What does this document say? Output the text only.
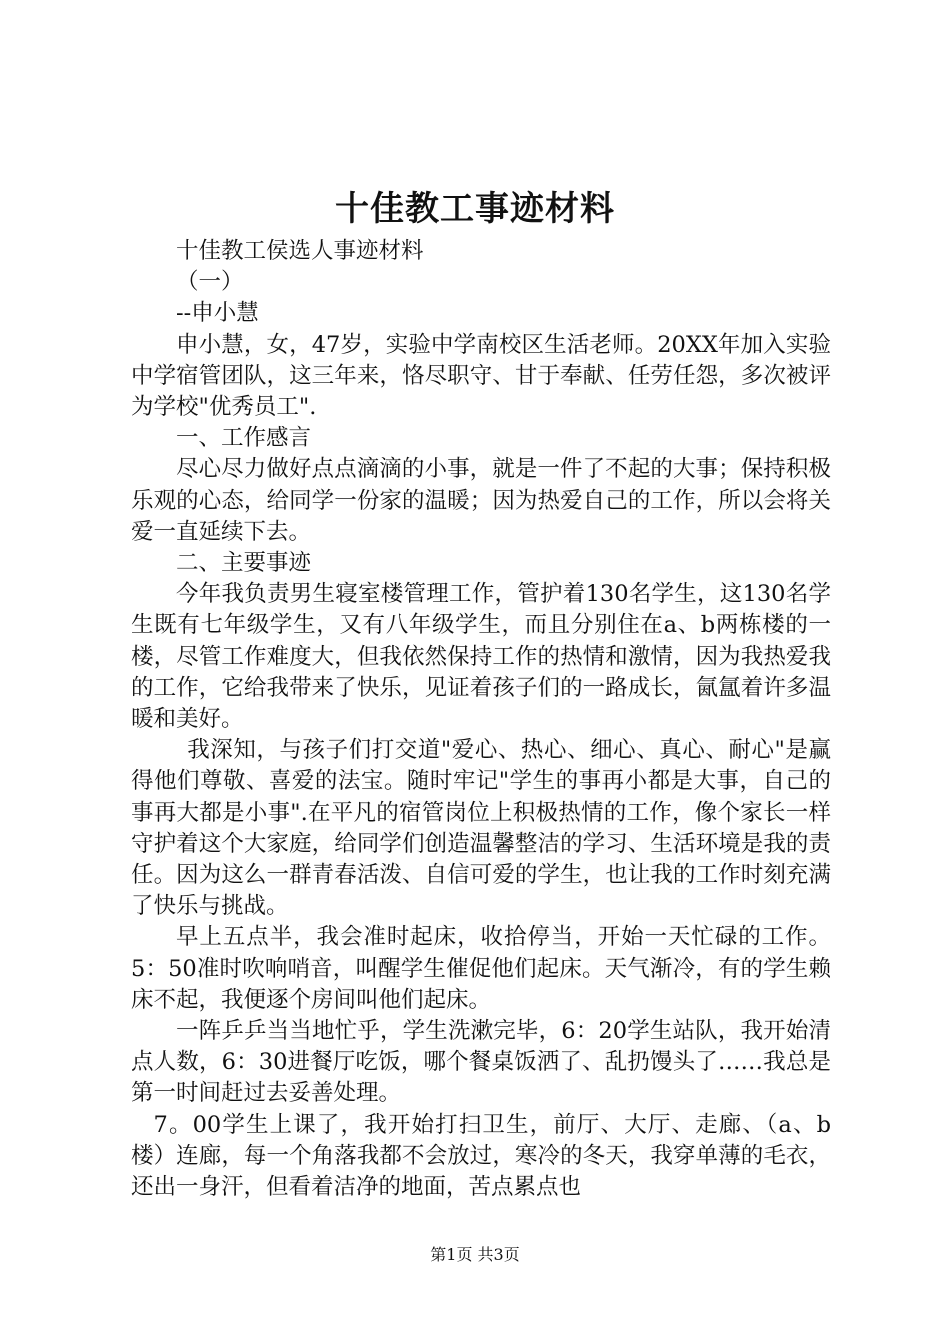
十佳教工事迹材料

十佳教工侯选人事迹材料

（一）

--申小慧

申小慧，女，47岁，实验中学南校区生活老师。20XX年加入实验中学宿管团队，这三年来，恪尽职守、甘于奉献、任劳任怨，多次被评为学校"优秀员工".

一、工作感言

尽心尽力做好点点滴滴的小事，就是一件了不起的大事；保持积极乐观的心态，给同学一份家的温暖；因为热爱自己的工作，所以会将关爱一直延续下去。

二、主要事迹

今年我负责男生寝室楼管理工作，管护着130名学生，这130名学生既有七年级学生，又有八年级学生，而且分别住在a、b两栋楼的一楼，尽管工作难度大，但我依然保持工作的热情和激情，因为我热爱我的工作，它给我带来了快乐，见证着孩子们的一路成长，氤氲着许多温暖和美好。

我深知，与孩子们打交道"爱心、热心、细心、真心、耐心"是赢得他们尊敬、喜爱的法宝。随时牢记"学生的事再小都是大事，自己的事再大都是小事".在平凡的宿管岗位上积极热情的工作，像个家长一样守护着这个大家庭，给同学们创造温馨整洁的学习、生活环境是我的责任。因为这么一群青春活泼、自信可爱的学生，也让我的工作时刻充满了快乐与挑战。

早上五点半，我会准时起床，收拾停当，开始一天忙碌的工作。5：50准时吹响哨音，叫醒学生催促他们起床。天气渐冷，有的学生赖床不起，我便逐个房间叫他们起床。

一阵乒乒当当地忙乎，学生洗漱完毕，6：20学生站队，我开始清点人数，6：30进餐厅吃饭，哪个餐桌饭洒了、乱扔馒头了……我总是第一时间赶过去妥善处理。

7。00学生上课了，我开始打扫卫生，前厅、大厅、走廊、（a、b楼）连廊，每一个角落我都不会放过，寒冷的冬天，我穿单薄的毛衣，还出一身汗，但看着洁净的地面，苦点累点也

第1页 共3页
